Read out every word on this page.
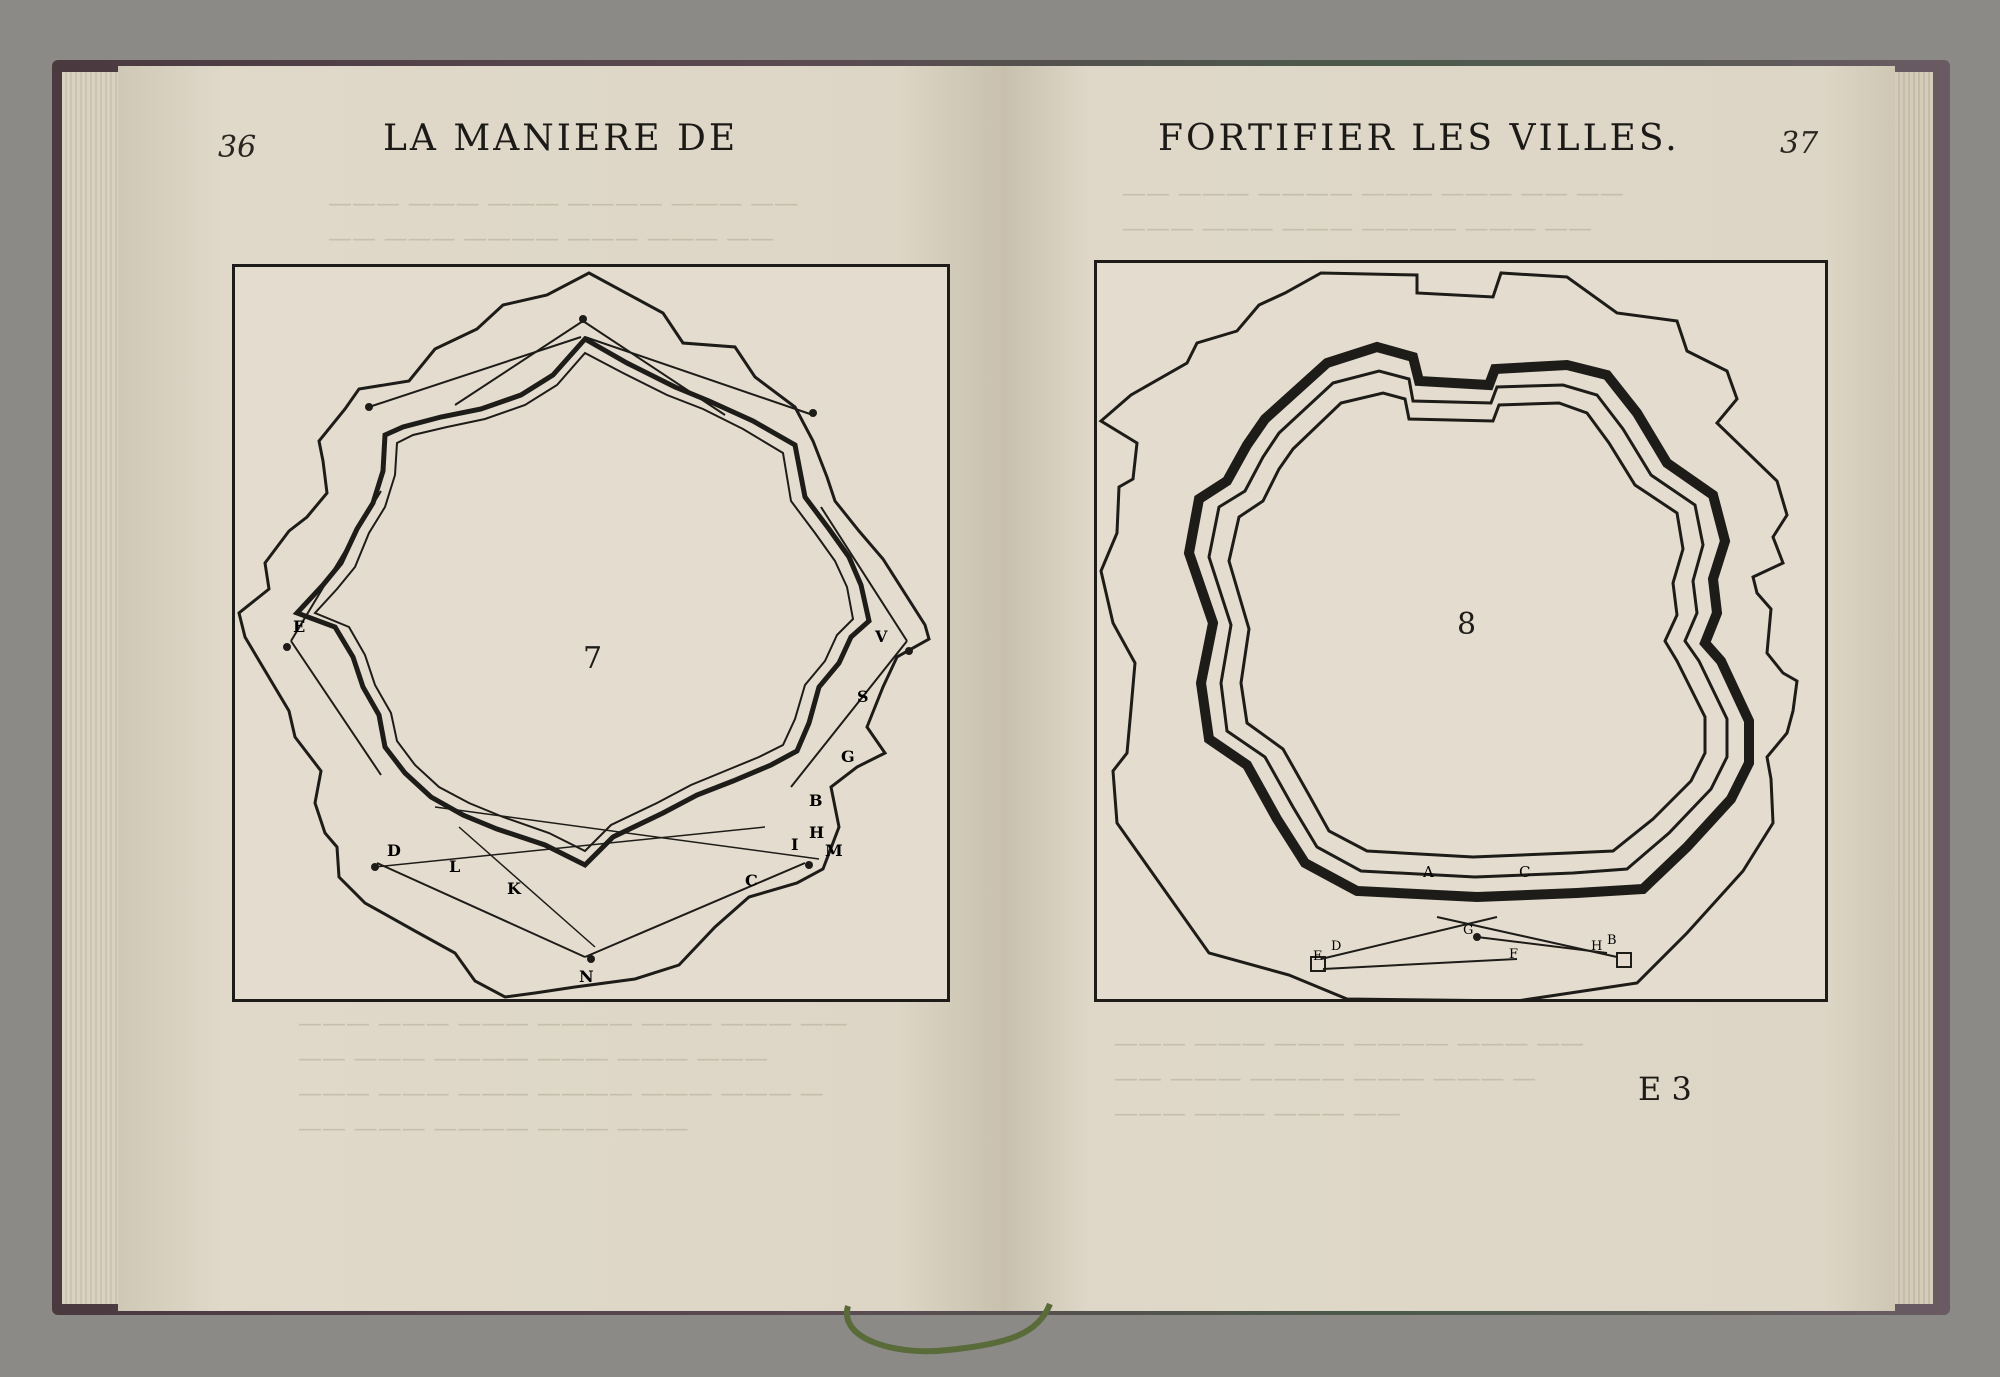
——— ——— ——— ———— ——— ——
—— ——— ———— ——— ——— ——
36	LA MANIERE DE
7
E
V
S
G
H
I
C
K
L
D	M
B
N
——— ——— ——— ———— ——— ——— ——
—— ——— ———— ——— ——— ———
——— ——— ——— ———— ——— ——— —
—— ——— ———— ——— ———
FORTIFIER LES VILLES.	37
—— ——— ———— ——— ——— —— ——
——— ——— ——— ———— ——— ——
8
A	C
D
E
G
F
H B
E 3
——— ——— ——— ———— ——— ——
—— ——— ———— ——— ——— —
——— ——— ——— ——
